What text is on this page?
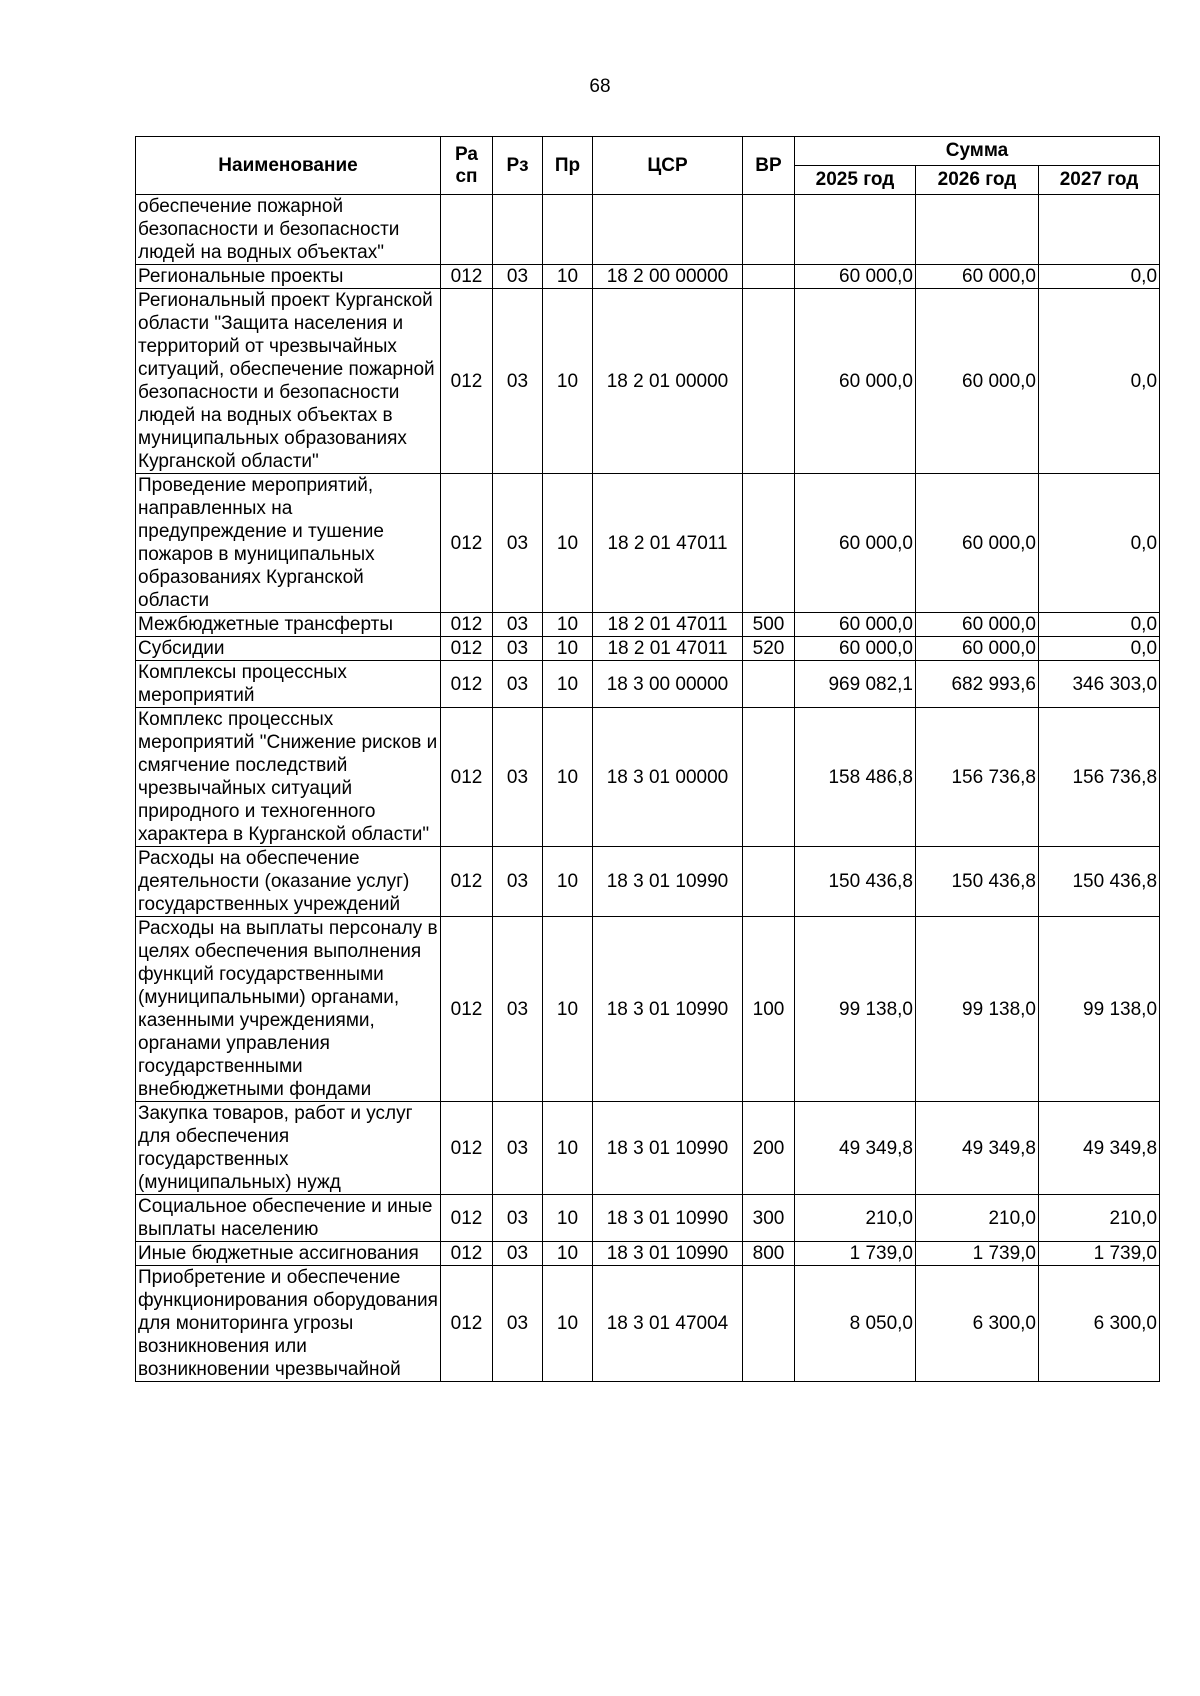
68
Наименование	Ра сп	Рз	Пр	ЦСР	ВР	Сумма		
						2025 год	2026 год	2027 год
обеспечение пожарной безопасности и безопасности людей на водных объектах"								
Региональные проекты	012	03	10	18 2 00 00000		60 000,0	60 000,0	0,0
Региональный проект Курганской области "Защита населения и территорий от чрезвычайных ситуаций, обеспечение пожарной безопасности и безопасности людей на водных объектах в муниципальных образованиях Курганской области"	012	03	10	18 2 01 00000		60 000,0	60 000,0	0,0
Проведение мероприятий, направленных на предупреждение и тушение пожаров в муниципальных образованиях Курганской области	012	03	10	18 2 01 47011		60 000,0	60 000,0	0,0
Межбюджетные трансферты	012	03	10	18 2 01 47011	500	60 000,0	60 000,0	0,0
Субсидии	012	03	10	18 2 01 47011	520	60 000,0	60 000,0	0,0
Комплексы процессных мероприятий	012	03	10	18 3 00 00000		969 082,1	682 993,6	346 303,0
Комплекс процессных мероприятий "Снижение рисков и смягчение последствий чрезвычайных ситуаций природного и техногенного характера в Курганской области"	012	03	10	18 3 01 00000		158 486,8	156 736,8	156 736,8
Расходы на обеспечение деятельности (оказание услуг) государственных учреждений	012	03	10	18 3 01 10990		150 436,8	150 436,8	150 436,8
Расходы на выплаты персоналу в целях обеспечения выполнения функций государственными (муниципальными) органами, казенными учреждениями, органами управления государственными внебюджетными фондами	012	03	10	18 3 01 10990	100	99 138,0	99 138,0	99 138,0
Закупка товаров, работ и услуг для обеспечения государственных (муниципальных) нужд	012	03	10	18 3 01 10990	200	49 349,8	49 349,8	49 349,8
Социальное обеспечение и иные выплаты населению	012	03	10	18 3 01 10990	300	210,0	210,0	210,0
Иные бюджетные ассигнования	012	03	10	18 3 01 10990	800	1 739,0	1 739,0	1 739,0
Приобретение и обеспечение функционирования оборудования для мониторинга угрозы возникновения или возникновении чрезвычайной	012	03	10	18 3 01 47004		8 050,0	6 300,0	6 300,0
